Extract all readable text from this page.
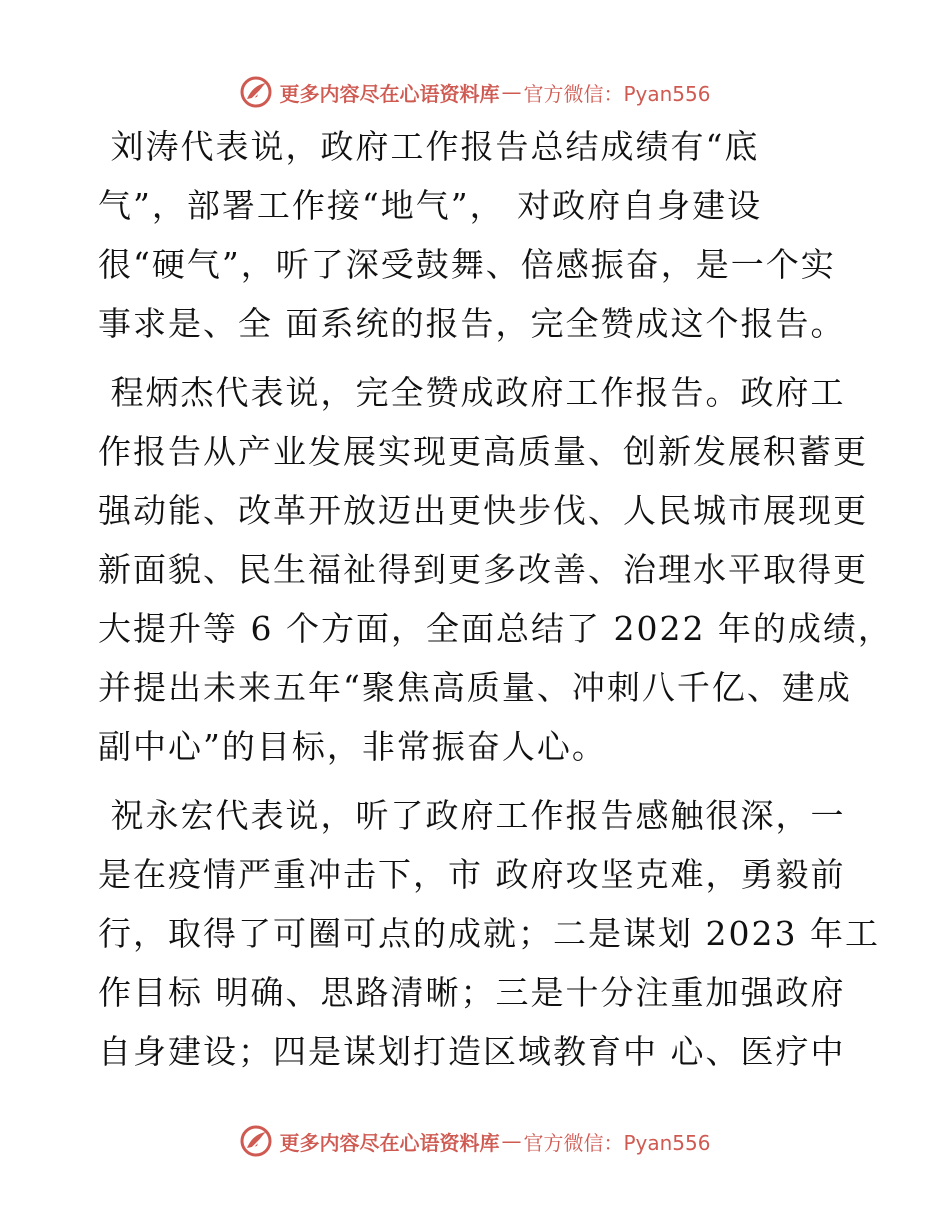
更多内容尽在心语资料库 — 官方微信：Pyan556
刘涛代表说，政府工作报告总结成绩有“底
气”，部署工作接“地气”， 对政府自身建设
很“硬气”，听了深受鼓舞、倍感振奋，是一个实
事求是、全 面系统的报告，完全赞成这个报告。
程炳杰代表说，完全赞成政府工作报告。政府工
作报告从产业发展实现更高质量、创新发展积蓄更
强动能、改革开放迈出更快步伐、人民城市展现更
新面貌、民生福祉得到更多改善、治理水平取得更
大提升等 6 个方面，全面总结了 2022 年的成绩，
并提出未来五年“聚焦高质量、冲刺八千亿、建成
副中心”的目标，非常振奋人心。
祝永宏代表说，听了政府工作报告感触很深，一
是在疫情严重冲击下，市 政府攻坚克难，勇毅前
行，取得了可圈可点的成就；二是谋划 2023 年工
作目标 明确、思路清晰；三是十分注重加强政府
自身建设；四是谋划打造区域教育中 心、医疗中
更多内容尽在心语资料库 — 官方微信：Pyan556
